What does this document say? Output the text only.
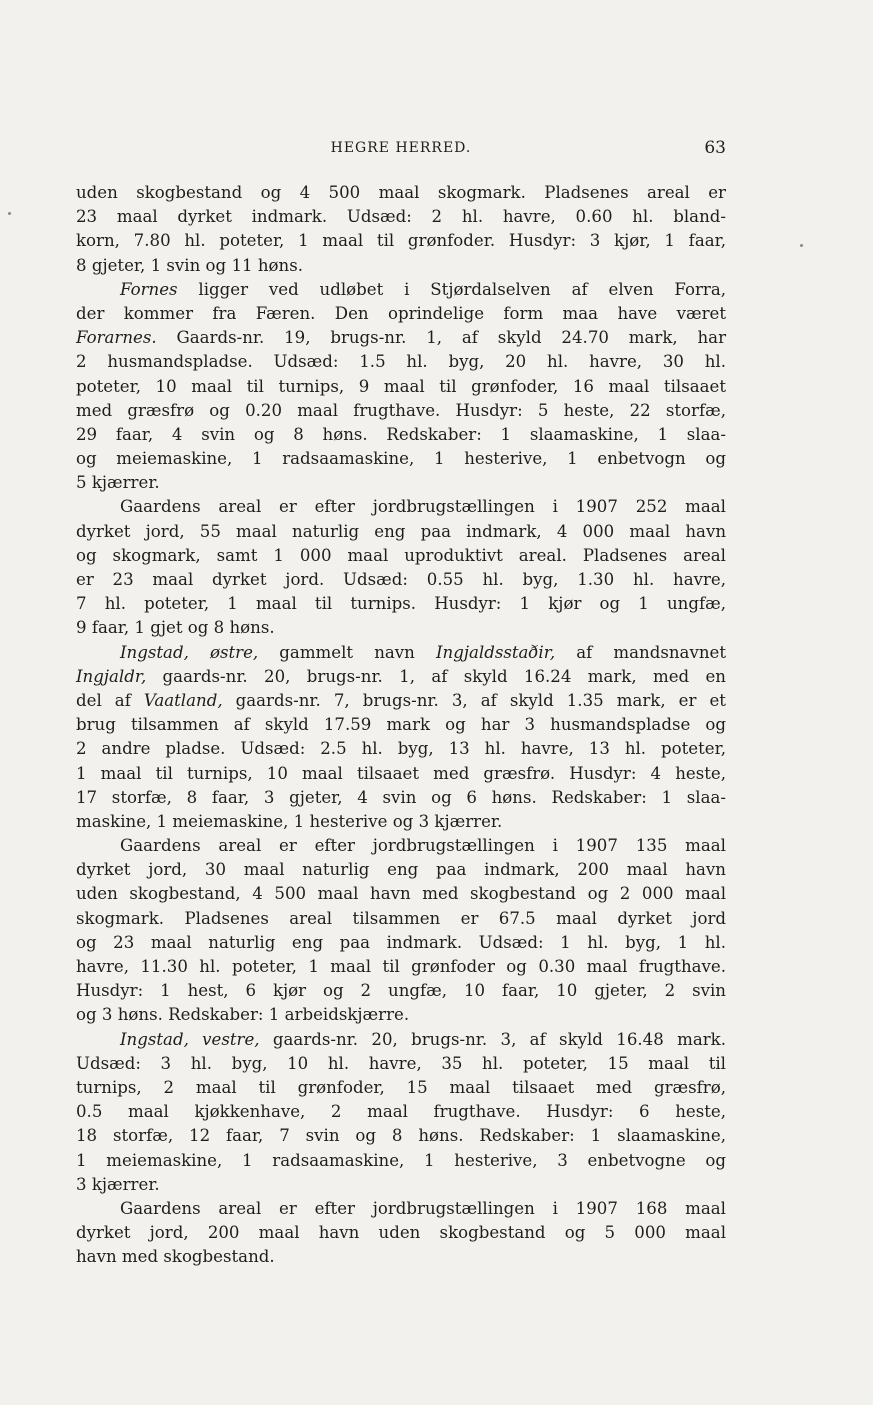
HEGRE HERRED.	63
uden skogbestand og 4 500 maal skogmark. Pladsenes areal er
23 maal dyrket indmark. Udsæd: 2 hl. havre, 0.60 hl. bland-
korn, 7.80 hl. poteter, 1 maal til grønfoder. Husdyr: 3 kjør, 1 faar,
8 gjeter, 1 svin og 11 høns.
Fornes ligger ved udløbet i Stjørdalselven af elven Forra,
der kommer fra Færen. Den oprindelige form maa have været
Forarnes. Gaards-nr. 19, brugs-nr. 1, af skyld 24.70 mark, har
2 husmandspladse. Udsæd: 1.5 hl. byg, 20 hl. havre, 30 hl.
poteter, 10 maal til turnips, 9 maal til grønfoder, 16 maal tilsaaet
med græsfrø og 0.20 maal frugthave. Husdyr: 5 heste, 22 storfæ,
29 faar, 4 svin og 8 høns. Redskaber: 1 slaamaskine, 1 slaa-
og meiemaskine, 1 radsaamaskine, 1 hesterive, 1 enbetvogn og
5 kjærrer.
Gaardens areal er efter jordbrugstællingen i 1907 252 maal
dyrket jord, 55 maal naturlig eng paa indmark, 4 000 maal havn
og skogmark, samt 1 000 maal uproduktivt areal. Pladsenes areal
er 23 maal dyrket jord. Udsæd: 0.55 hl. byg, 1.30 hl. havre,
7 hl. poteter, 1 maal til turnips. Husdyr: 1 kjør og 1 ungfæ,
9 faar, 1 gjet og 8 høns.
Ingstad, østre, gammelt navn Ingjaldsstaðir, af mandsnavnet
Ingjaldr, gaards-nr. 20, brugs-nr. 1, af skyld 16.24 mark, med en
del af Vaatland, gaards-nr. 7, brugs-nr. 3, af skyld 1.35 mark, er et
brug tilsammen af skyld 17.59 mark og har 3 husmandspladse og
2 andre pladse. Udsæd: 2.5 hl. byg, 13 hl. havre, 13 hl. poteter,
1 maal til turnips, 10 maal tilsaaet med græsfrø. Husdyr: 4 heste,
17 storfæ, 8 faar, 3 gjeter, 4 svin og 6 høns. Redskaber: 1 slaa-
maskine, 1 meiemaskine, 1 hesterive og 3 kjærrer.
Gaardens areal er efter jordbrugstællingen i 1907 135 maal
dyrket jord, 30 maal naturlig eng paa indmark, 200 maal havn
uden skogbestand, 4 500 maal havn med skogbestand og 2 000 maal
skogmark. Pladsenes areal tilsammen er 67.5 maal dyrket jord
og 23 maal naturlig eng paa indmark. Udsæd: 1 hl. byg, 1 hl.
havre, 11.30 hl. poteter, 1 maal til grønfoder og 0.30 maal frugthave.
Husdyr: 1 hest, 6 kjør og 2 ungfæ, 10 faar, 10 gjeter, 2 svin
og 3 høns. Redskaber: 1 arbeidskjærre.
Ingstad, vestre, gaards-nr. 20, brugs-nr. 3, af skyld 16.48 mark.
Udsæd: 3 hl. byg, 10 hl. havre, 35 hl. poteter, 15 maal til
turnips, 2 maal til grønfoder, 15 maal tilsaaet med græsfrø,
0.5 maal kjøkkenhave, 2 maal frugthave. Husdyr: 6 heste,
18 storfæ, 12 faar, 7 svin og 8 høns. Redskaber: 1 slaamaskine,
1 meiemaskine, 1 radsaamaskine, 1 hesterive, 3 enbetvogne og
3 kjærrer.
Gaardens areal er efter jordbrugstællingen i 1907 168 maal
dyrket jord, 200 maal havn uden skogbestand og 5 000 maal
havn med skogbestand.
